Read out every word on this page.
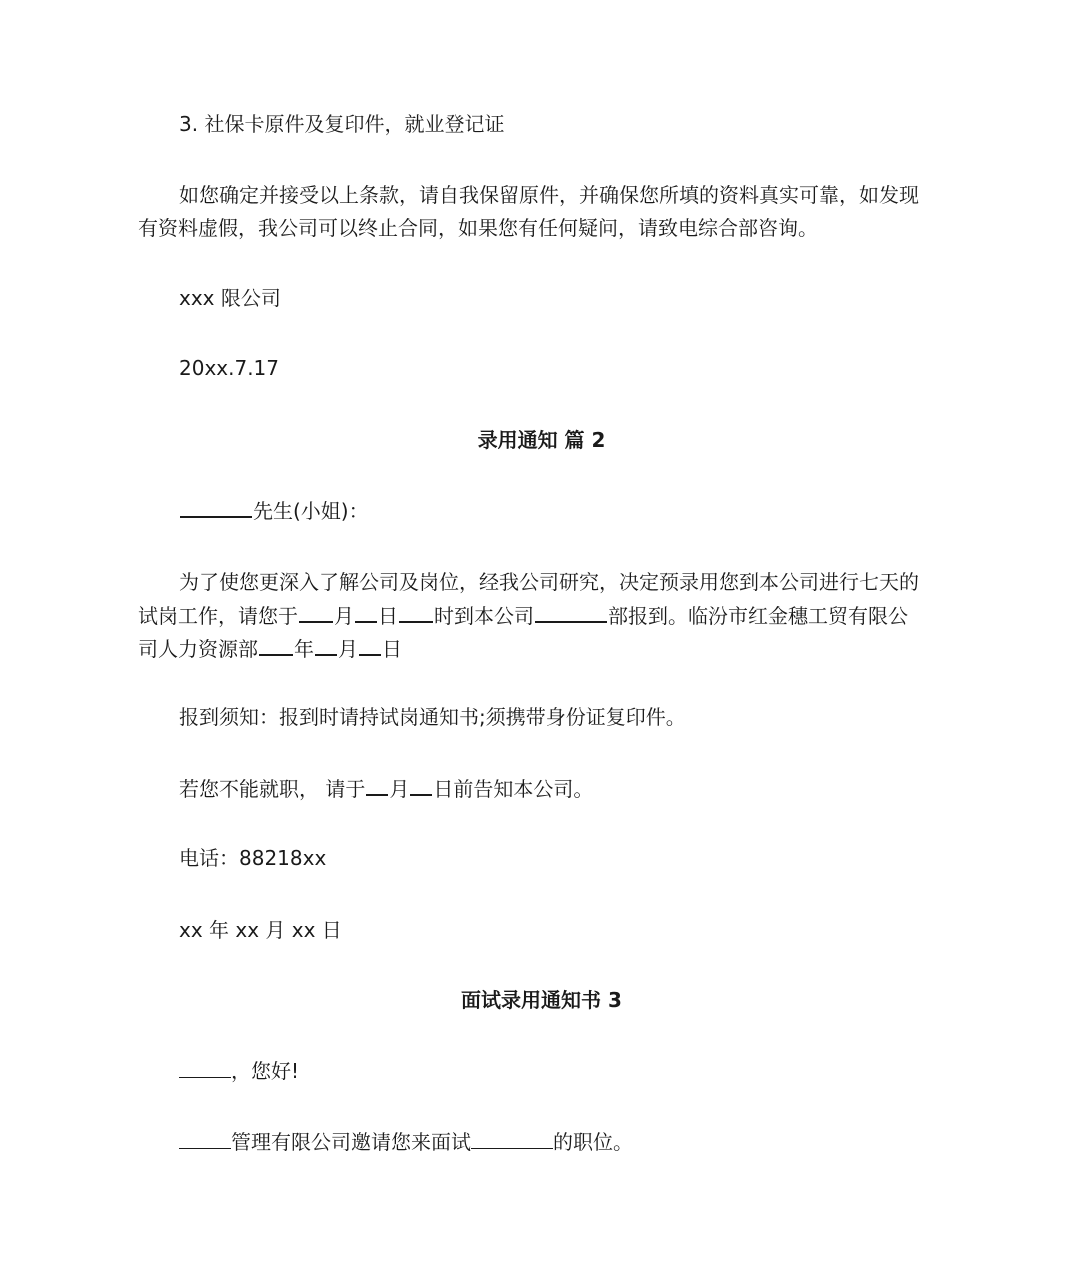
3. 社保卡原件及复印件，就业登记证
如您确定并接受以上条款，请自我保留原件，并确保您所填的资料真实可靠，如发现
有资料虚假，我公司可以终止合同，如果您有任何疑问，请致电综合部咨询。
xxx 限公司
20xx.7.17
录用通知 篇 2
先生(小姐)：
为了使您更深入了解公司及岗位，经我公司研究，决定预录用您到本公司进行七天的
试岗工作，请您于 月 日 时到本公司	部报到。临汾市红金穗工贸有限公
司人力资源部 年 月 日
报到须知：报到时请持试岗通知书;须携带身份证复印件。
若您不能就职， 请于 月 日前告知本公司。
电话：88218xx
xx 年 xx 月 xx 日
面试录用通知书 3
，您好!
管理有限公司邀请您来面试	的职位。
